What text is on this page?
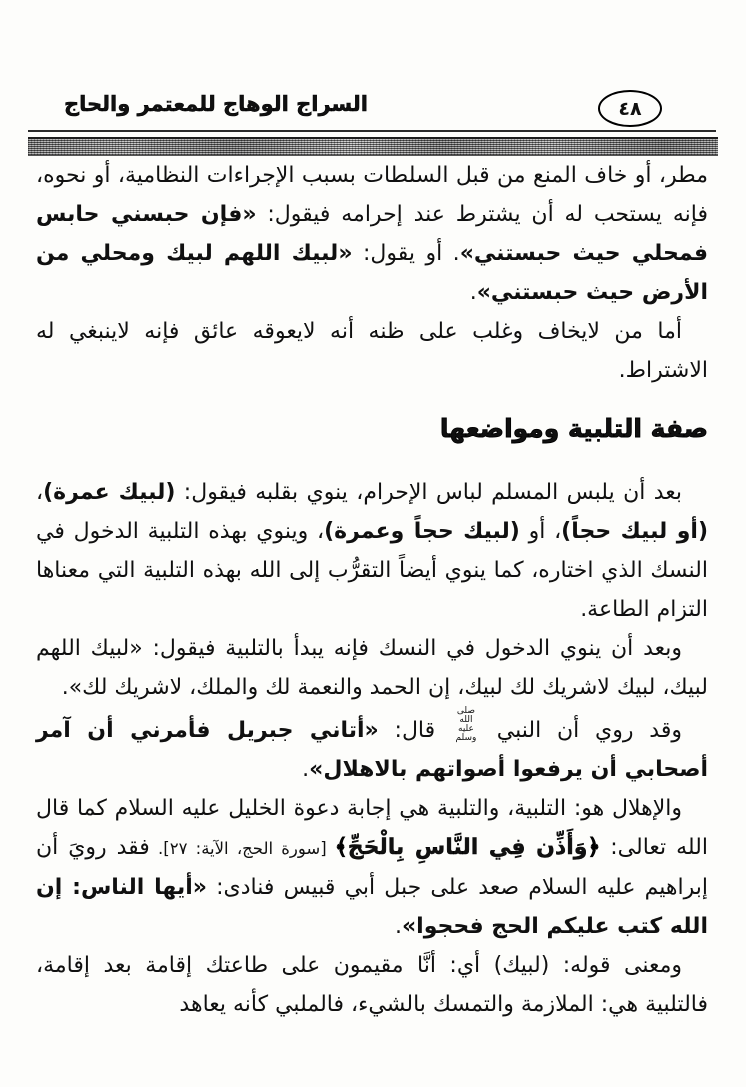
السراج الوهاج للمعتمر والحاج	٤٨

مطر، أو خاف المنع من قبل السلطات بسبب الإجراءات النظامية، أو نحوه، فإنه يستحب له أن يشترط عند إحرامه فيقول: «فإن حبسني حابس فمحلي حيث حبستني». أو يقول: «لبيك اللهم لبيك ومحلي من الأرض حيث حبستني».

أما من لايخاف وغلب على ظنه أنه لايعوقه عائق فإنه لاينبغي له الاشتراط.

صفة التلبية ومواضعها

بعد أن يلبس المسلم لباس الإحرام، ينوي بقلبه فيقول: (لبيك عمرة)، (أو لبيك حجاً)، أو (لبيك حجاً وعمرة)، وينوي بهذه التلبية الدخول في النسك الذي اختاره، كما ينوي أيضاً التقرُّب إلى الله بهذه التلبية التي معناها التزام الطاعة.

وبعد أن ينوي الدخول في النسك فإنه يبدأ بالتلبية فيقول: «لبيك اللهم لبيك، لبيك لاشريك لك لبيك، إن الحمد والنعمة لك والملك، لاشريك لك».

وقد روي أن النبي صلى الله عليه وسلم قال: «أتاني جبريل فأمرني أن آمر أصحابي أن يرفعوا أصواتهم بالاهلال».

والإهلال هو: التلبية، والتلبية هي إجابة دعوة الخليل عليه السلام كما قال الله تعالى: ﴿وَأَذِّن فِي النَّاسِ بِالْحَجِّ﴾ [سورة الحج، الآية: ٢٧]. فقد رويَ أن إبراهيم عليه السلام صعد على جبل أبي قبيس فنادى: «أيها الناس: إن الله كتب عليكم الحج فحجوا».

ومعنى قوله: (لبيك) أي: أنَّا مقيمون على طاعتك إقامة بعد إقامة، فالتلبية هي: الملازمة والتمسك بالشيء، فالملبي كأنه يعاهد
